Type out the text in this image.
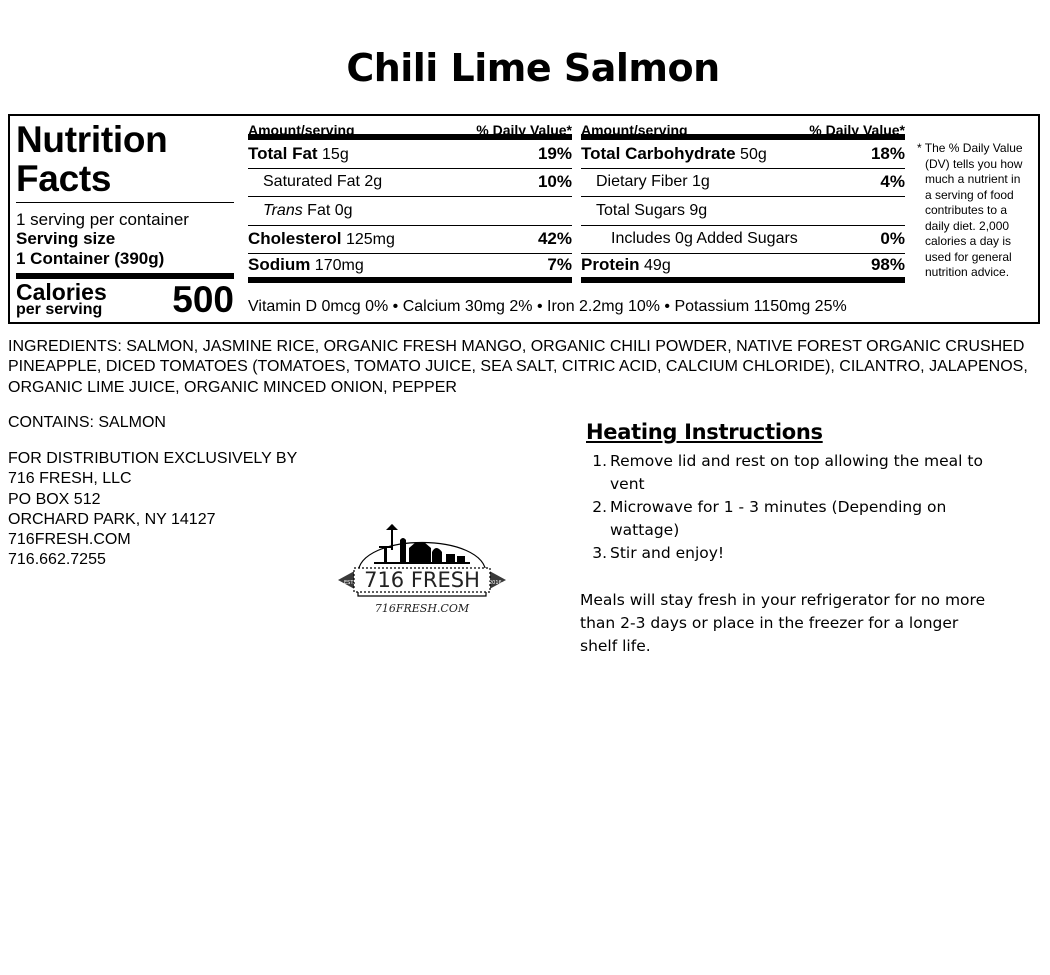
Chili Lime Salmon
Nutrition
Facts
1 serving per container
Serving size
1 Container (390g)
Calories
per serving 500
Amount/serving	% Daily Value*
Total Fat 15g	19%
Saturated Fat 2g	10%
Trans Fat 0g
Cholesterol 125mg	42%
Sodium 170mg	7%
Amount/serving	% Daily Value*
Total Carbohydrate 50g	18%
Dietary Fiber 1g	4%
Total Sugars 9g
Includes 0g Added Sugars	0%
Protein 49g	98%
Vitamin D 0mcg 0% • Calcium 30mg 2% • Iron 2.2mg 10% • Potassium 1150mg 25%
* The % Daily Value
(DV) tells you how
much a nutrient in
a serving of food
contributes to a
daily diet. 2,000
calories a day is
used for general
nutrition advice.
INGREDIENTS: SALMON, JASMINE RICE, ORGANIC FRESH MANGO, ORGANIC CHILI POWDER, NATIVE FOREST ORGANIC CRUSHED PINEAPPLE, DICED TOMATOES (TOMATOES, TOMATO JUICE, SEA SALT, CITRIC ACID, CALCIUM CHLORIDE), CILANTRO, JALAPENOS, ORGANIC LIME JUICE, ORGANIC MINCED ONION, PEPPER
CONTAINS: SALMON
FOR DISTRIBUTION EXCLUSIVELY BY
716 FRESH, LLC
PO BOX 512
ORCHARD PARK, NY 14127
716FRESH.COM
716.662.7255
EST.	2016
716 FRESH
716FRESH.COM
Heating Instructions
1. Remove lid and rest on top allowing the meal to vent
2. Microwave for 1 - 3 minutes (Depending on wattage)
3. Stir and enjoy!
Meals will stay fresh in your refrigerator for no more than 2-3 days or place in the freezer for a longer shelf life.
